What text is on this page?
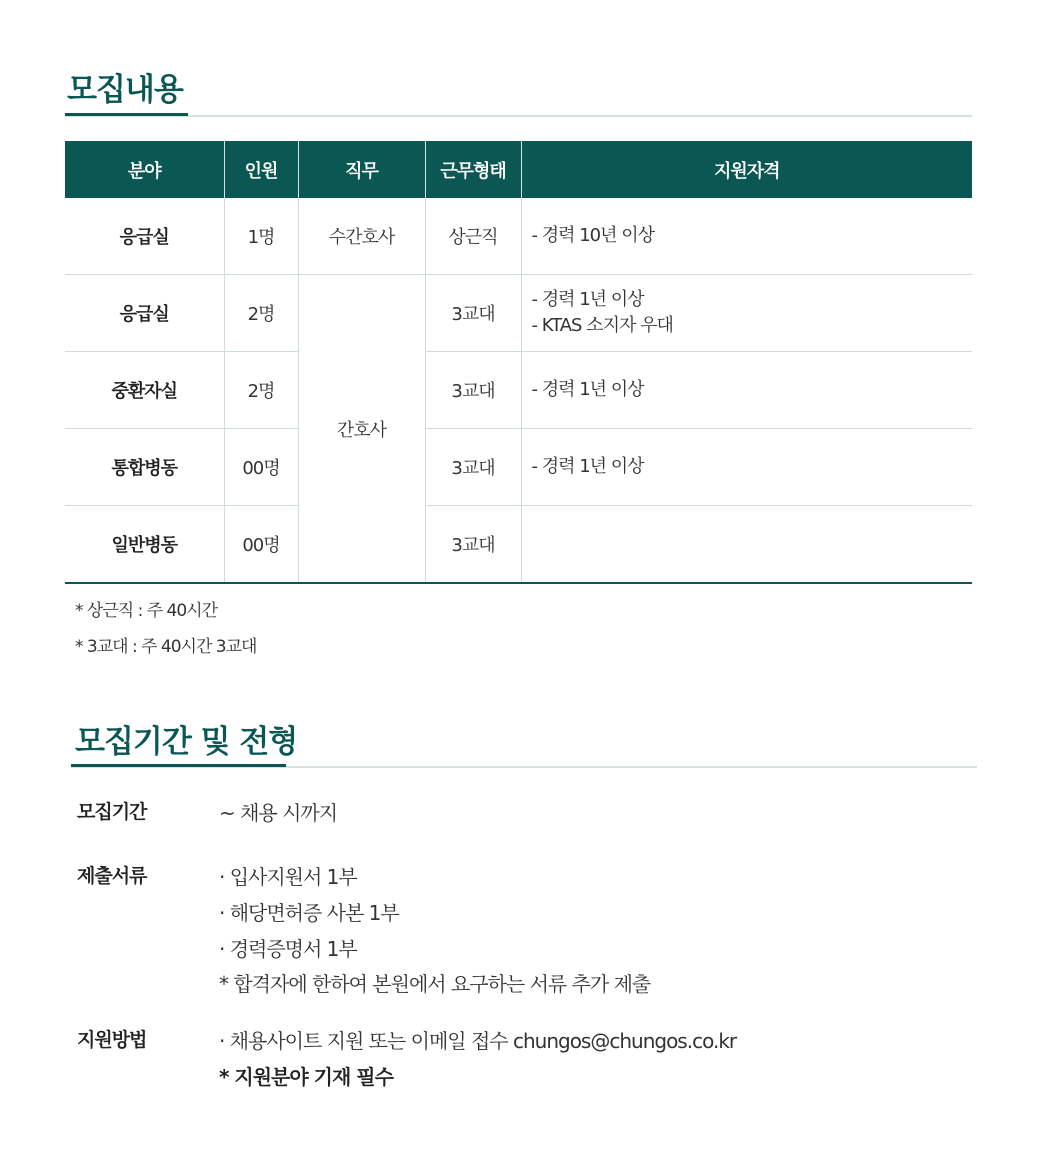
모집내용
분야	인원	직무	근무형태	지원자격
응급실	1명	수간호사	상근직	- 경력 10년 이상

응급실	2명	간호사	3교대	- 경력 1년 이상
- KTAS 소지자 우대

중환자실	2명		3교대	- 경력 1년 이상

통합병동	00명		3교대	- 경력 1년 이상

일반병동	00명		3교대	
* 상근직 : 주 40시간
* 3교대 : 주 40시간 3교대
모집기간 및 전형
모집기간	~ 채용 시까지
제출서류	· 입사지원서 1부
· 해당면허증 사본 1부
· 경력증명서 1부
* 합격자에 한하여 본원에서 요구하는 서류 추가 제출
지원방법	· 채용사이트 지원 또는 이메일 접수 chungos@chungos.co.kr
* 지원분야 기재 필수
